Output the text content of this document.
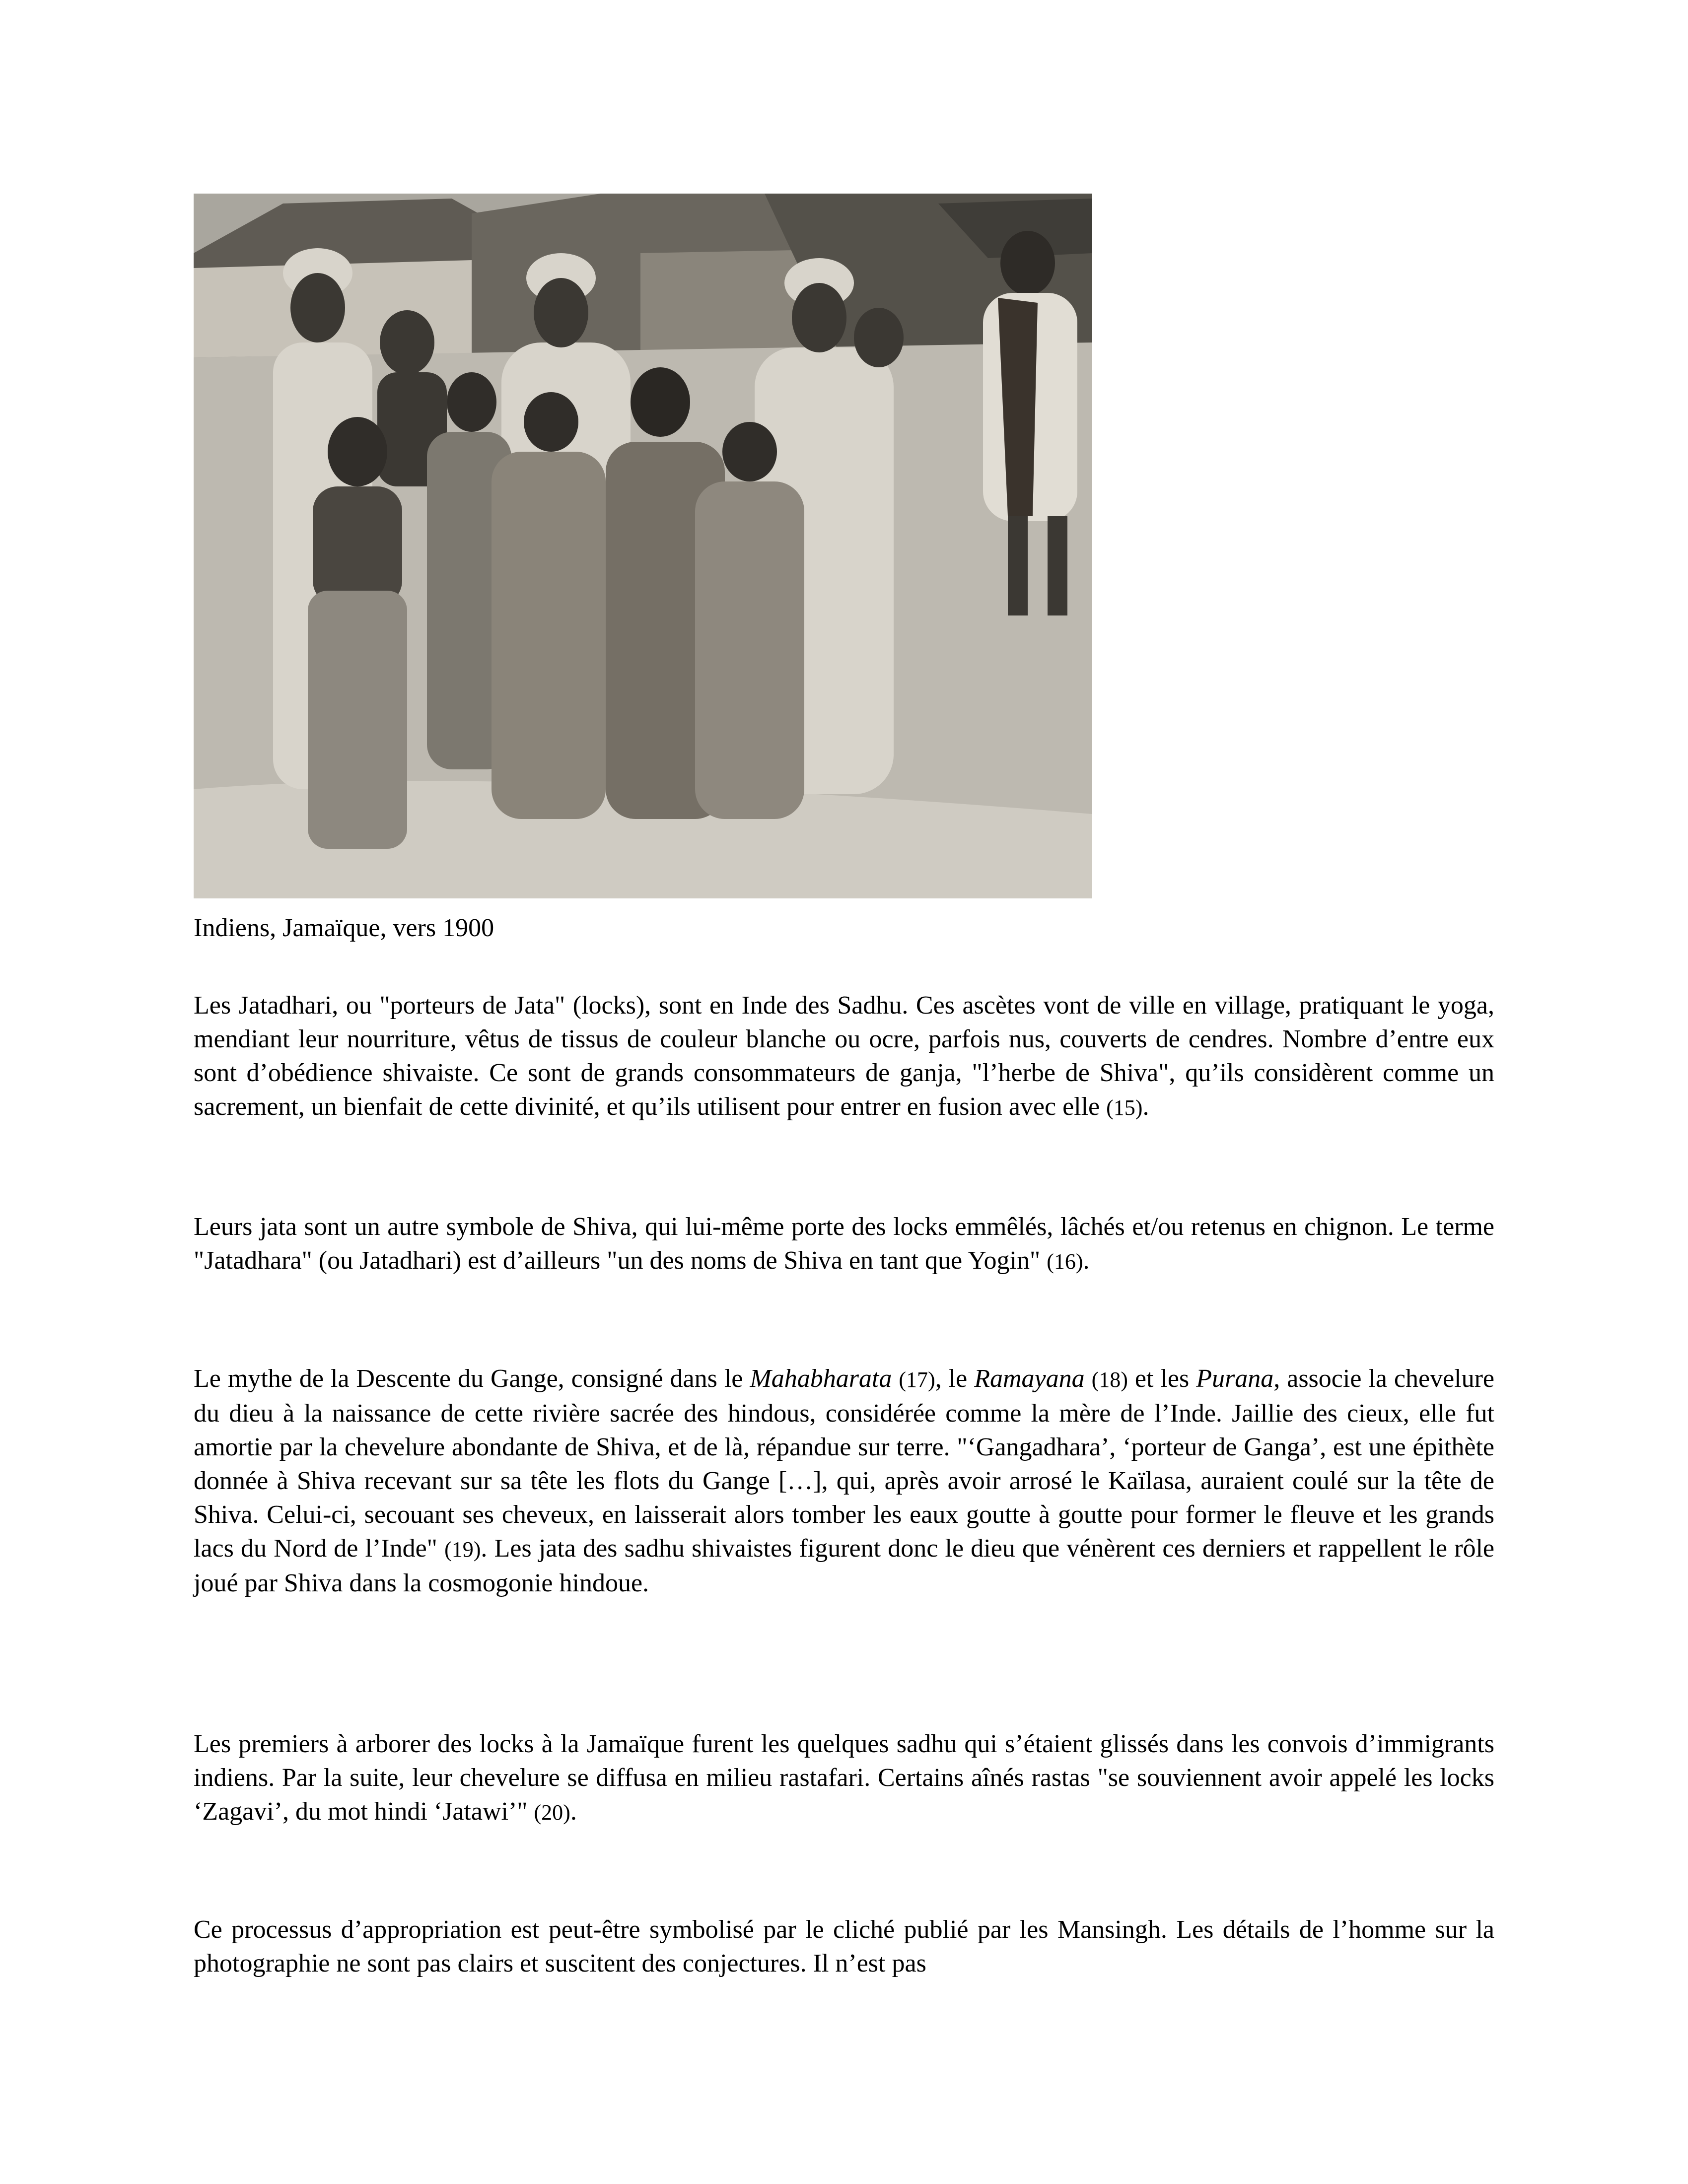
Indiens, Jamaïque, vers 1900

Les Jatadhari, ou "porteurs de Jata" (locks), sont en Inde des Sadhu. Ces ascètes vont de ville en village, pratiquant le yoga, mendiant leur nourriture, vêtus de tissus de couleur blanche ou ocre, parfois nus, couverts de cendres. Nombre d’entre eux sont d’obédience shivaiste. Ce sont de grands consommateurs de ganja, "l’herbe de Shiva", qu’ils considèrent comme un sacrement, un bienfait de cette divinité, et qu’ils utilisent pour entrer en fusion avec elle (15).

Leurs jata sont un autre symbole de Shiva, qui lui-même porte des locks emmêlés, lâchés et/ou retenus en chignon. Le terme "Jatadhara" (ou Jatadhari) est d’ailleurs "un des noms de Shiva en tant que Yogin" (16).

Le mythe de la Descente du Gange, consigné dans le Mahabharata (17), le Ramayana (18) et les Purana, associe la chevelure du dieu à la naissance de cette rivière sacrée des hindous, considérée comme la mère de l’Inde. Jaillie des cieux, elle fut amortie par la chevelure abondante de Shiva, et de là, répandue sur terre. "‘Gangadhara’, ‘porteur de Ganga’, est une épithète donnée à Shiva recevant sur sa tête les flots du Gange […], qui, après avoir arrosé le Kaïlasa, auraient coulé sur la tête de Shiva. Celui-ci, secouant ses cheveux, en laisserait alors tomber les eaux goutte à goutte pour former le fleuve et les grands lacs du Nord de l’Inde" (19). Les jata des sadhu shivaistes figurent donc le dieu que vénèrent ces derniers et rappellent le rôle joué par Shiva dans la cosmogonie hindoue.

Les premiers à arborer des locks à la Jamaïque furent les quelques sadhu qui s’étaient glissés dans les convois d’immigrants indiens. Par la suite, leur chevelure se diffusa en milieu rastafari. Certains aînés rastas "se souviennent avoir appelé les locks ‘Zagavi’, du mot hindi ‘Jatawi’" (20).

Ce processus d’appropriation est peut-être symbolisé par le cliché publié par les Mansingh. Les détails de l’homme sur la photographie ne sont pas clairs et suscitent des conjectures. Il n’est pas
